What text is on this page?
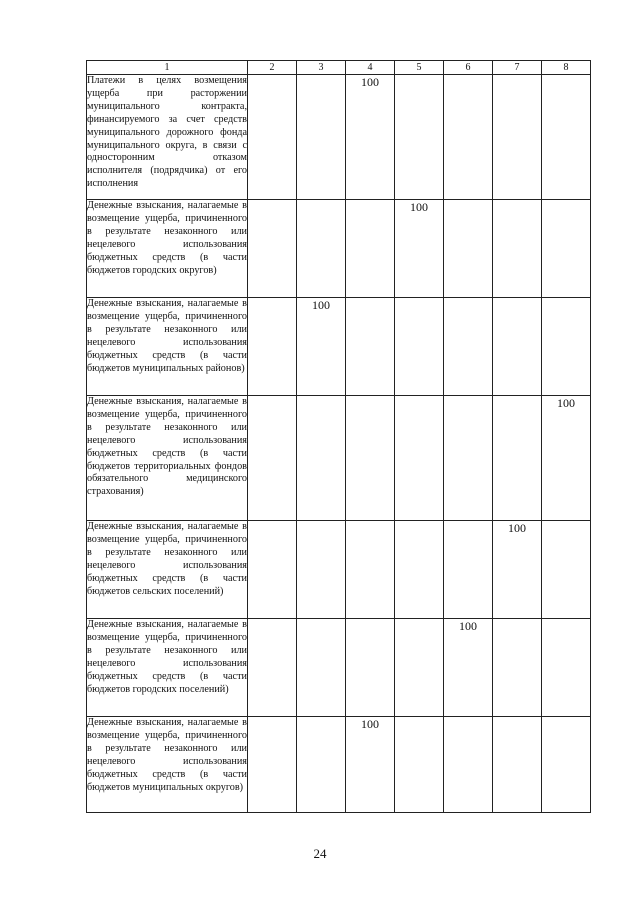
1	2	3	4	5	6	7	8
Платежи в целях возмещения ущерба при расторжении муниципального контракта, финансируемого за счет средств муниципального дорожного фонда муниципального округа, в связи с односторонним отказом исполнителя (подрядчика) от его исполнения			100				
Денежные взыскания, налагаемые в возмещение ущерба, причиненного в результате незаконного или нецелевого использования бюджетных средств (в части бюджетов городских округов)				100			
Денежные взыскания, налагаемые в возмещение ущерба, причиненного в результате незаконного или нецелевого использования бюджетных средств (в части бюджетов муниципальных районов)		100					
Денежные взыскания, налагаемые в возмещение ущерба, причиненного в результате незаконного или нецелевого использования бюджетных средств (в части бюджетов территориальных фондов обязательного медицинского страхования)							100
Денежные взыскания, налагаемые в возмещение ущерба, причиненного в результате незаконного или нецелевого использования бюджетных средств (в части бюджетов сельских поселений)						100	
Денежные взыскания, налагаемые в возмещение ущерба, причиненного в результате незаконного или нецелевого использования бюджетных средств (в части бюджетов городских поселений)					100		
Денежные взыскания, налагаемые в возмещение ущерба, причиненного в результате незаконного или нецелевого использования бюджетных средств (в части бюджетов муниципальных округов)			100				
24
